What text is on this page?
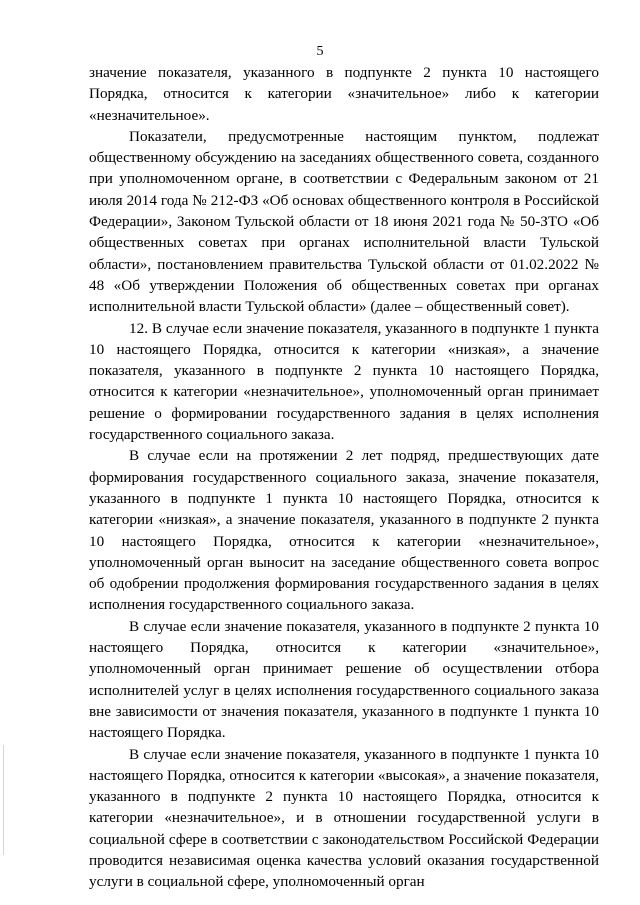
5

значение показателя, указанного в подпункте 2 пункта 10 настоящего Порядка, относится к категории «значительное» либо к категории «незначительное».

Показатели, предусмотренные настоящим пунктом, подлежат общественному обсуждению на заседаниях общественного совета, созданного при уполномоченном органе, в соответствии с Федеральным законом от 21 июля 2014 года № 212-ФЗ «Об основах общественного контроля в Российской Федерации», Законом Тульской области от 18 июня 2021 года № 50-ЗТО «Об общественных советах при органах исполнительной власти Тульской области», постановлением правительства Тульской области от 01.02.2022 № 48 «Об утверждении Положения об общественных советах при органах исполнительной власти Тульской области» (далее – общественный совет).

12. В случае если значение показателя, указанного в подпункте 1 пункта 10 настоящего Порядка, относится к категории «низкая», а значение показателя, указанного в подпункте 2 пункта 10 настоящего Порядка, относится к категории «незначительное», уполномоченный орган принимает решение о формировании государственного задания в целях исполнения государственного социального заказа.

В случае если на протяжении 2 лет подряд, предшествующих дате формирования государственного социального заказа, значение показателя, указанного в подпункте 1 пункта 10 настоящего Порядка, относится к категории «низкая», а значение показателя, указанного в подпункте 2 пункта 10 настоящего Порядка, относится к категории «незначительное», уполномоченный орган выносит на заседание общественного совета вопрос об одобрении продолжения формирования государственного задания в целях исполнения государственного социального заказа.

В случае если значение показателя, указанного в подпункте 2 пункта 10 настоящего Порядка, относится к категории «значительное», уполномоченный орган принимает решение об осуществлении отбора исполнителей услуг в целях исполнения государственного социального заказа вне зависимости от значения показателя, указанного в подпункте 1 пункта 10 настоящего Порядка.

В случае если значение показателя, указанного в подпункте 1 пункта 10 настоящего Порядка, относится к категории «высокая», а значение показателя, указанного в подпункте 2 пункта 10 настоящего Порядка, относится к категории «незначительное», и в отношении государственной услуги в социальной сфере в соответствии с законодательством Российской Федерации проводится независимая оценка качества условий оказания государственной услуги в социальной сфере, уполномоченный орган
